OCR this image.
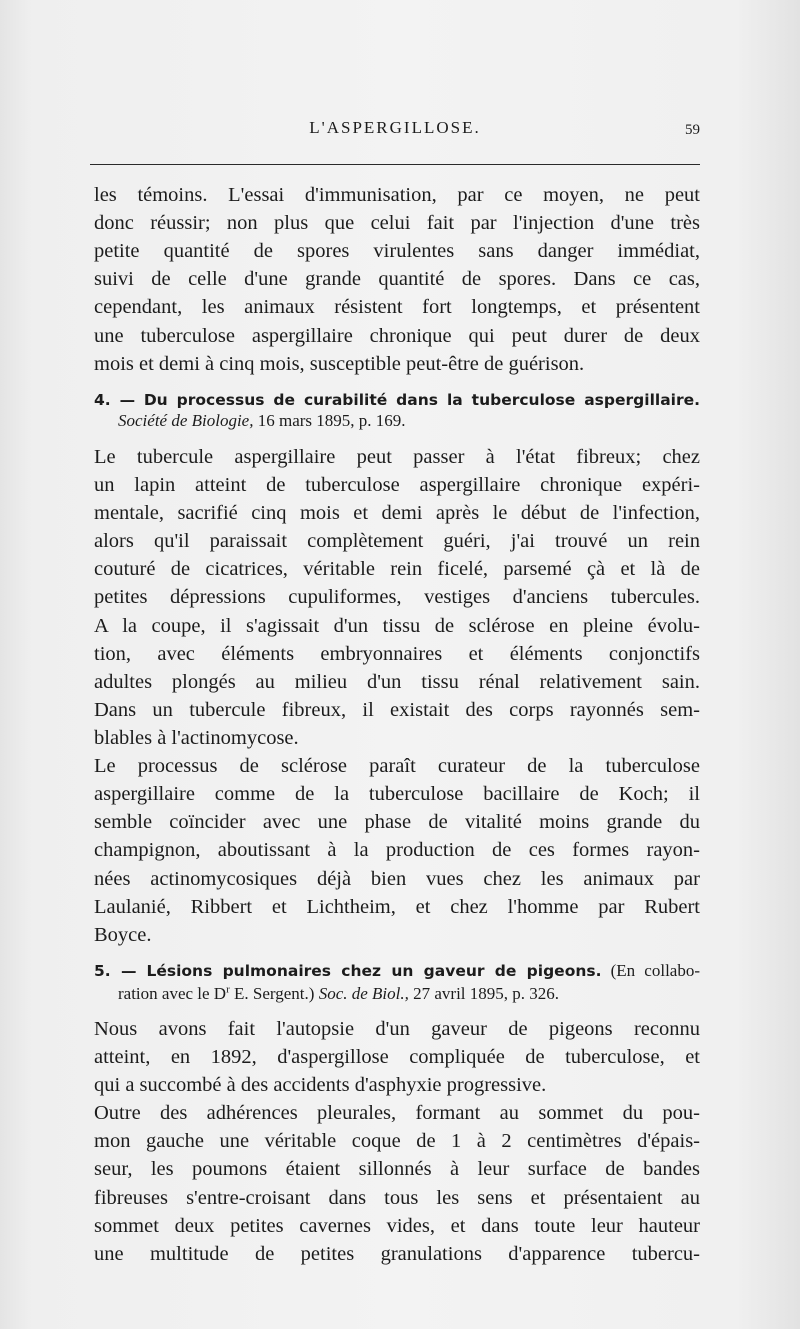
L'ASPERGILLOSE.	59
les témoins. L'essai d'immunisation, par ce moyen, ne peut
donc réussir; non plus que celui fait par l'injection d'une très
petite quantité de spores virulentes sans danger immédiat,
suivi de celle d'une grande quantité de spores. Dans ce cas,
cependant, les animaux résistent fort longtemps, et présentent
une tuberculose aspergillaire chronique qui peut durer de deux
mois et demi à cinq mois, susceptible peut-être de guérison.
4. — Du processus de curabilité dans la tuberculose aspergillaire.
Société de Biologie, 16 mars 1895, p. 169.
Le tubercule aspergillaire peut passer à l'état fibreux; chez
un lapin atteint de tuberculose aspergillaire chronique expéri-
mentale, sacrifié cinq mois et demi après le début de l'infection,
alors qu'il paraissait complètement guéri, j'ai trouvé un rein
couturé de cicatrices, véritable rein ficelé, parsemé çà et là de
petites dépressions cupuliformes, vestiges d'anciens tubercules.
A la coupe, il s'agissait d'un tissu de sclérose en pleine évolu-
tion, avec éléments embryonnaires et éléments conjonctifs
adultes plongés au milieu d'un tissu rénal relativement sain.
Dans un tubercule fibreux, il existait des corps rayonnés sem-
blables à l'actinomycose.
Le processus de sclérose paraît curateur de la tuberculose
aspergillaire comme de la tuberculose bacillaire de Koch; il
semble coïncider avec une phase de vitalité moins grande du
champignon, aboutissant à la production de ces formes rayon-
nées actinomycosiques déjà bien vues chez les animaux par
Laulanié, Ribbert et Lichtheim, et chez l'homme par Rubert
Boyce.
5. — Lésions pulmonaires chez un gaveur de pigeons. (En collabo-
ration avec le $D^r$ E. Sergent.) Soc. de Biol., 27 avril 1895, p. 326.
Nous avons fait l'autopsie d'un gaveur de pigeons reconnu
atteint, en 1892, d'aspergillose compliquée de tuberculose, et
qui a succombé à des accidents d'asphyxie progressive.
Outre des adhérences pleurales, formant au sommet du pou-
mon gauche une véritable coque de 1 à 2 centimètres d'épais-
seur, les poumons étaient sillonnés à leur surface de bandes
fibreuses s'entre-croisant dans tous les sens et présentaient au
sommet deux petites cavernes vides, et dans toute leur hauteur
une multitude de petites granulations d'apparence tubercu-
